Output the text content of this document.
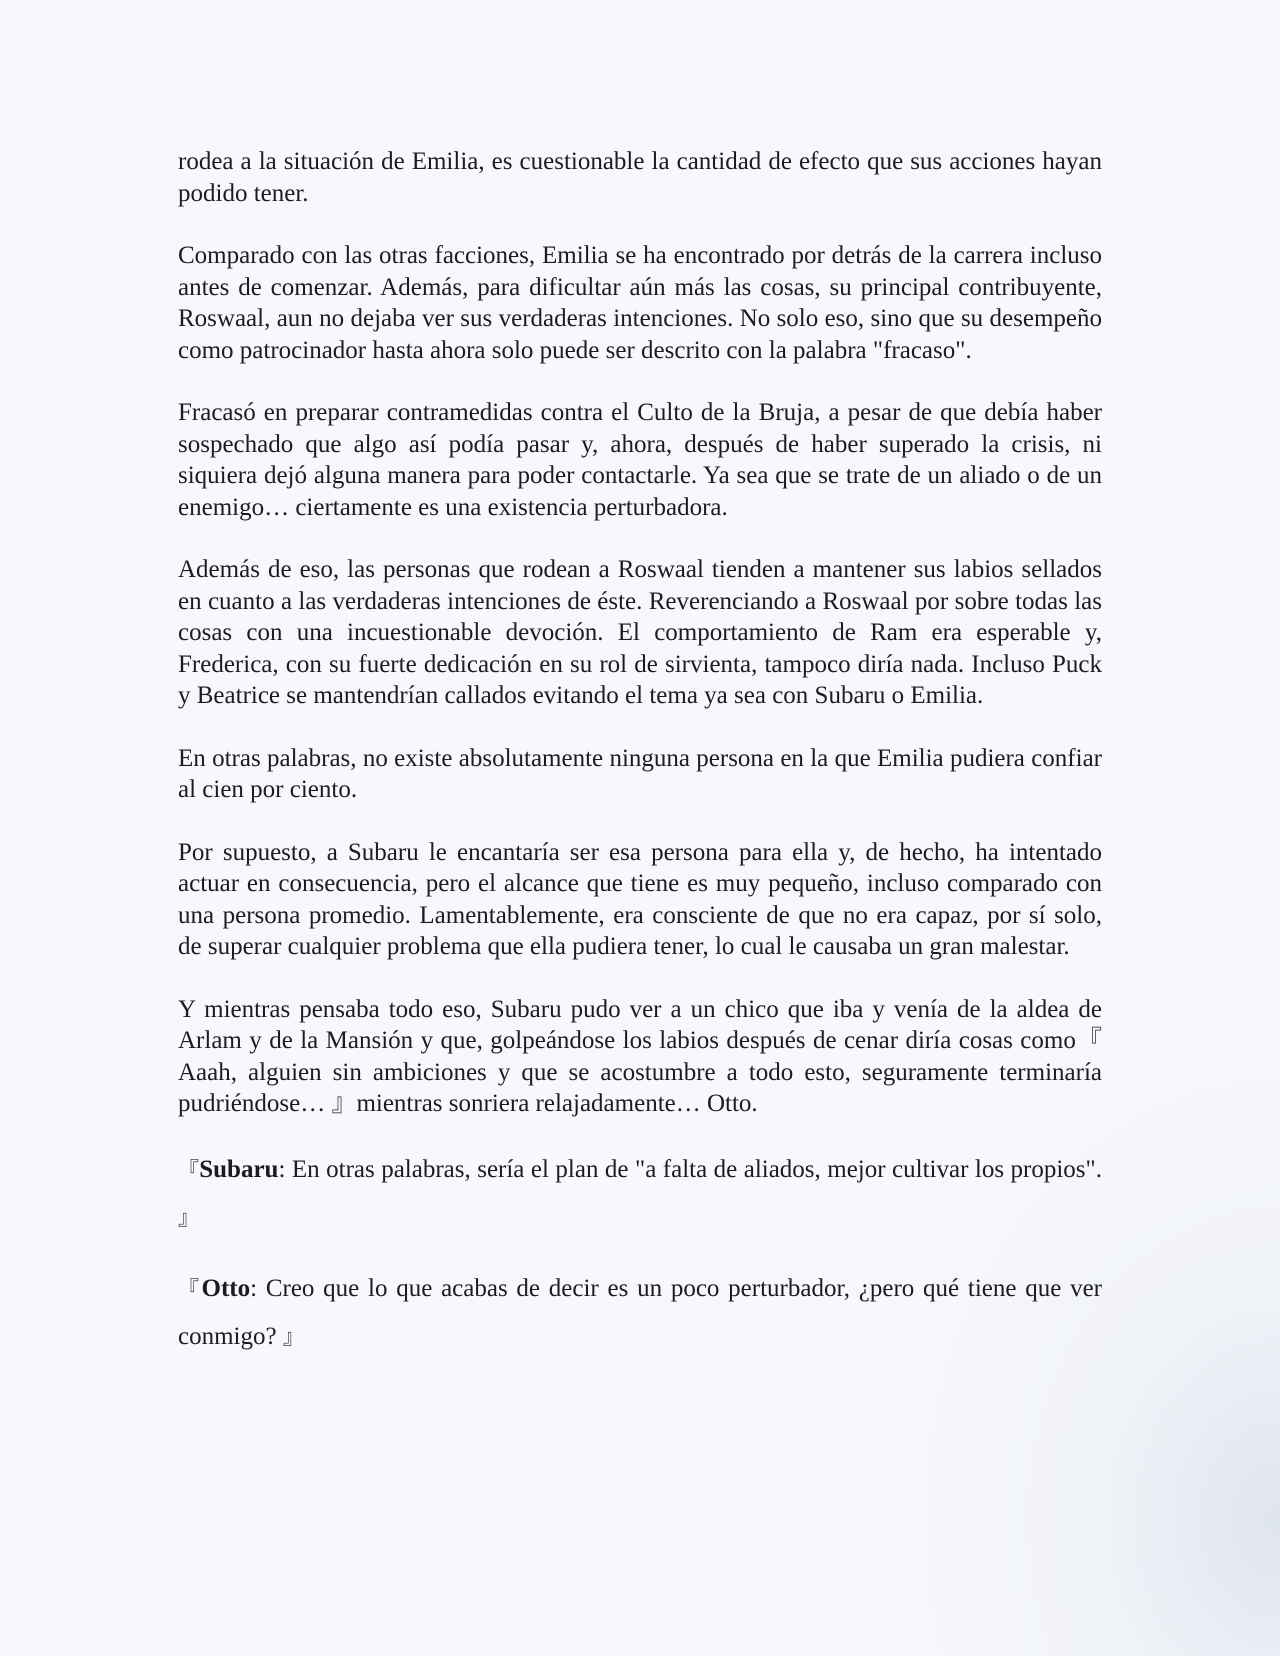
rodea a la situación de Emilia, es cuestionable la cantidad de efecto que sus acciones hayan podido tener.

Comparado con las otras facciones, Emilia se ha encontrado por detrás de la carrera incluso antes de comenzar. Además, para dificultar aún más las cosas, su principal contribuyente, Roswaal, aun no dejaba ver sus verdaderas intenciones. No solo eso, sino que su desempeño como patrocinador hasta ahora solo puede ser descrito con la palabra "fracaso".

Fracasó en preparar contramedidas contra el Culto de la Bruja, a pesar de que debía haber sospechado que algo así podía pasar y, ahora, después de haber superado la crisis, ni siquiera dejó alguna manera para poder contactarle. Ya sea que se trate de un aliado o de un enemigo… ciertamente es una existencia perturbadora.

Además de eso, las personas que rodean a Roswaal tienden a mantener sus labios sellados en cuanto a las verdaderas intenciones de éste. Reverenciando a Roswaal por sobre todas las cosas con una incuestionable devoción. El comportamiento de Ram era esperable y, Frederica, con su fuerte dedicación en su rol de sirvienta, tampoco diría nada. Incluso Puck y Beatrice se mantendrían callados evitando el tema ya sea con Subaru o Emilia.

En otras palabras, no existe absolutamente ninguna persona en la que Emilia pudiera confiar al cien por ciento.

Por supuesto, a Subaru le encantaría ser esa persona para ella y, de hecho, ha intentado actuar en consecuencia, pero el alcance que tiene es muy pequeño, incluso comparado con una persona promedio. Lamentablemente, era consciente de que no era capaz, por sí solo, de superar cualquier problema que ella pudiera tener, lo cual le causaba un gran malestar.

Y mientras pensaba todo eso, Subaru pudo ver a un chico que iba y venía de la aldea de Arlam y de la Mansión y que, golpeándose los labios después de cenar diría cosas como『 Aaah, alguien sin ambiciones y que se acostumbre a todo esto, seguramente terminaría pudriéndose… 』mientras sonriera relajadamente… Otto.

『Subaru: En otras palabras, sería el plan de "a falta de aliados, mejor cultivar los propios". 』

『Otto: Creo que lo que acabas de decir es un poco perturbador, ¿pero qué tiene que ver conmigo? 』
